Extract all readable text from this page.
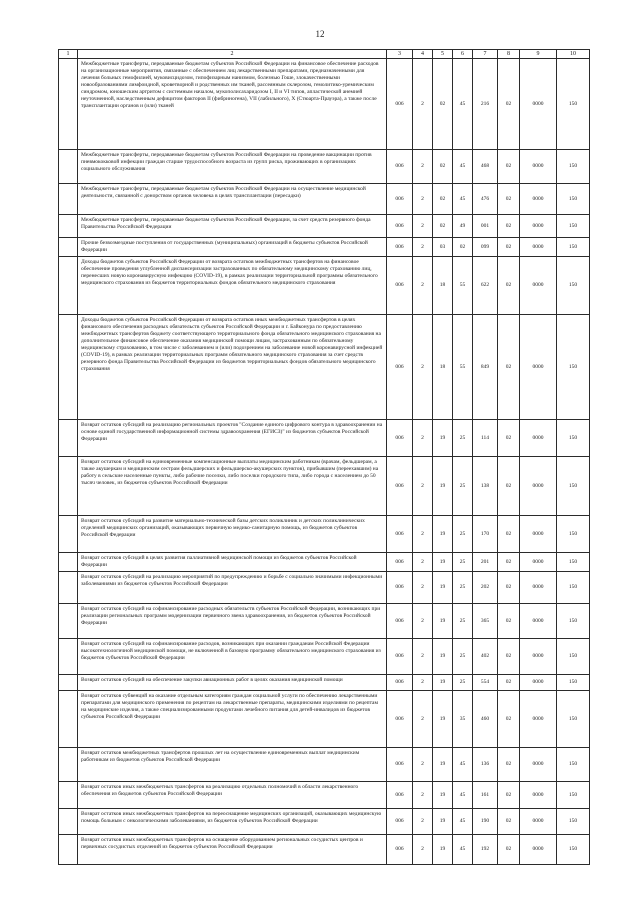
12
1	2	3	4	5	6	7	8	9	10
	Межбюджетные трансферты, передаваемые бюджетам субъектов Российской Федерации на финансовое обеспечение расходов на организационные мероприятия, связанные с обеспечением лиц лекарственными препаратами, предназначенными для лечения больных гемофилией, муковисцидозом, гипофизарным нанизмом, болезнью Гоше, злокачественными новообразованиями лимфоидной, кроветворной и родственных им тканей, рассеянным склерозом, гемолитико-уремическим синдромом, юношеским артритом с системным началом, мукополисахаридозом I, II и VI типов, апластической анемией неуточненной, наследственным дефицитом факторов II (фибриногена), VII (лабильного), X (Стюарта-Прауэра), а также после трансплантации органов и (или) тканей	006	2	02	45	216	02	0000	150
	Межбюджетные трансферты, передаваемые бюджетам субъектов Российской Федерации на проведение вакцинации против пневмококковой инфекции граждан старше трудоспособного возраста из групп риска, проживающих в организациях социального обслуживания	006	2	02	45	468	02	0000	150
	Межбюджетные трансферты, передаваемые бюджетам субъектов Российской Федерации на осуществление медицинской деятельности, связанной с донорством органов человека в целях трансплантации (пересадки)	006	2	02	45	476	02	0000	150
	Межбюджетные трансферты, передаваемые бюджетам субъектов Российской Федерации, за счет средств резервного фонда Правительства Российской Федерации	006	2	02	49	001	02	0000	150
	Прочие безвозмездные поступления от государственных (муниципальных) организаций в бюджеты субъектов Российской Федерации	006	2	03	02	099	02	0000	150
	Доходы бюджетов субъектов Российской Федерации от возврата остатков межбюджетных трансфертов на финансовое обеспечение проведения углубленной диспансеризации застрахованных по обязательному медицинскому страхованию лиц, перенесших новую коронавирусную инфекцию (COVID-19), в рамках реализации территориальной программы обязательного медицинского страхования из бюджетов территориальных фондов обязательного медицинского страхования	006	2	18	55	622	02	0000	150
	Доходы бюджетов субъектов Российской Федерации от возврата остатков иных межбюджетных трансфертов в целях финансового обеспечения расходных обязательств субъектов Российской Федерации и г. Байконура по предоставлению межбюджетных трансфертов бюджету соответствующего территориального фонда обязательного медицинского страхования на дополнительное финансовое обеспечение оказания медицинской помощи лицам, застрахованным по обязательному медицинскому страхованию, в том числе с заболеванием и (или) подозрением на заболевание новой коронавирусной инфекцией (COVID-19), в рамках реализации территориальных программ обязательного медицинского страхования за счет средств резервного фонда Правительства Российской Федерации из бюджетов территориальных фондов обязательного медицинского страхования	006	2	18	55	849	02	0000	150
	Возврат остатков субсидий на реализацию региональных проектов "Создание единого цифрового контура в здравоохранении на основе единой государственной информационной системы здравоохранения (ЕГИСЗ)" из бюджетов субъектов Российской Федерации	006	2	19	25	114	02	0000	150
	Возврат остатков субсидий на единовременные компенсационные выплаты медицинским работникам (врачам, фельдшерам, а также акушеркам и медицинским сестрам фельдшерских и фельдшерско-акушерских пунктов), прибывшим (переехавшим) на работу в сельские населенные пункты, либо рабочие поселки, либо поселки городского типа, либо города с населением до 50 тысяч человек, из бюджетов субъектов Российской Федерации	006	2	19	25	138	02	0000	150
	Возврат остатков субсидий на развитие материально-технической базы детских поликлиник и детских поликлинических отделений медицинских организаций, оказывающих первичную медико-санитарную помощь, из бюджетов субъектов Российской Федерации	006	2	19	25	170	02	0000	150
	Возврат остатков субсидий в целях развития паллиативной медицинской помощи из бюджетов субъектов Российской Федерации	006	2	19	25	201	02	0000	150
	Возврат остатков субсидий на реализацию мероприятий по предупреждению и борьбе с социально значимыми инфекционными заболеваниями из бюджетов субъектов Российской Федерации	006	2	19	25	202	02	0000	150
	Возврат остатков субсидий на софинансирование расходных обязательств субъектов Российской Федерации, возникающих при реализации региональных программ модернизации первичного звена здравоохранения, из бюджетов субъектов Российской Федерации	006	2	19	25	365	02	0000	150
	Возврат остатков субсидий на софинансирование расходов, возникающих при оказании гражданам Российской Федерации высокотехнологичной медицинской помощи, не включенной в базовую программу обязательного медицинского страхования из бюджетов субъектов Российской Федерации	006	2	19	25	402	02	0000	150
	Возврат остатков субсидий на обеспечение закупки авиационных работ в целях оказания медицинской помощи	006	2	19	25	554	02	0000	150
	Возврат остатков субвенций на оказание отдельным категориям граждан социальной услуги по обеспечению лекарственными препаратами для медицинского применения по рецептам на лекарственные препараты, медицинскими изделиями по рецептам на медицинские изделия, а также специализированными продуктами лечебного питания для детей-инвалидов из бюджетов субъектов Российской Федерации	006	2	19	35	460	02	0000	150
	Возврат остатков межбюджетных трансфертов прошлых лет на осуществление единовременных выплат медицинским работникам из бюджетов субъектов Российской Федерации	006	2	19	45	136	02	0000	150
	Возврат остатков иных межбюджетных трансфертов на реализацию отдельных полномочий в области лекарственного обеспечения из бюджетов субъектов Российской Федерации	006	2	19	45	161	02	0000	150
	Возврат остатков иных межбюджетных трансфертов на переоснащение медицинских организаций, оказывающих медицинскую помощь больным с онкологическими заболеваниями, из бюджетов субъектов Российской Федерации	006	2	19	45	190	02	0000	150
	Возврат остатков иных межбюджетных трансфертов на оснащение оборудованием региональных сосудистых центров и первичных сосудистых отделений из бюджетов субъектов Российской Федерации	006	2	19	45	192	02	0000	150
